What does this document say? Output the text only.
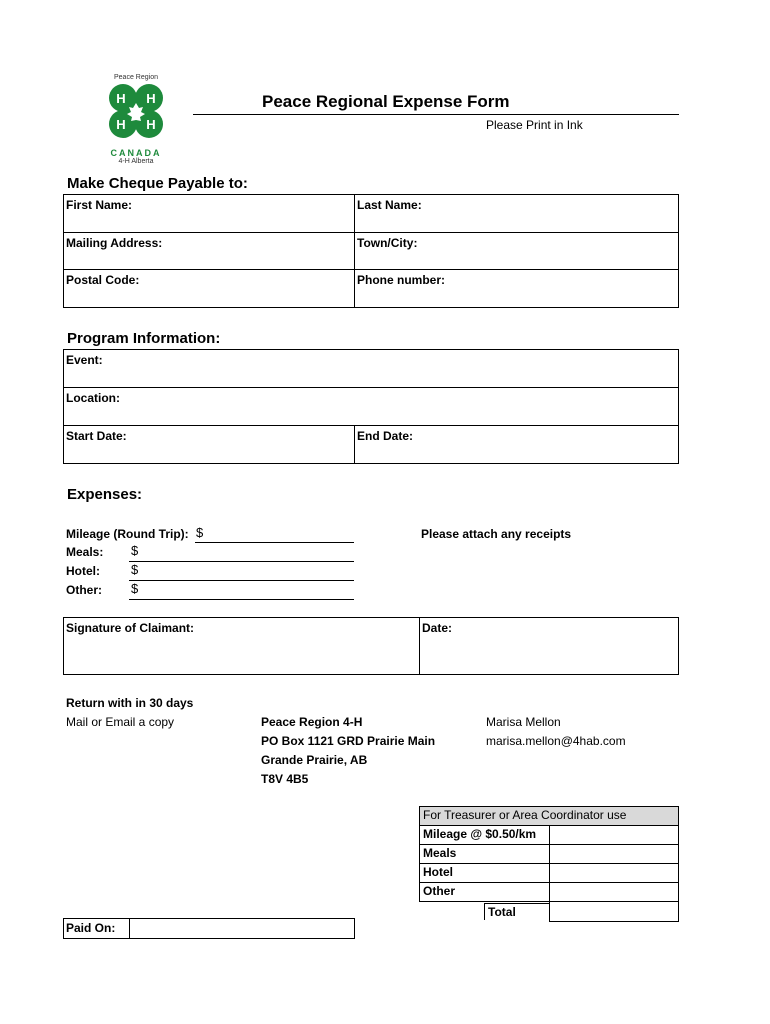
Peace Region
H H
H H
CANADA
4-H Alberta
Peace Regional Expense Form
Please Print in Ink
Make Cheque Payable to:
First Name:	Last Name:
Mailing Address:	Town/City:
Postal Code:	Phone number:
Program Information:
Event:
Location:
Start Date:	End Date:
Expenses:
Mileage (Round Trip): $
Meals: $
Hotel: $
Other: $
Please attach any receipts
Signature of Claimant:	Date:
Return with in 30 days
Mail or Email a copy	Peace Region 4-H
PO Box 1121 GRD Prairie Main
Grande Prairie, AB
T8V 4B5
Marisa Mellon
marisa.mellon@4hab.com
For Treasurer or Area Coordinator use	
Mileage @ $0.50/km	
Meals	
Hotel	
Other	
Total	
Paid On:	
